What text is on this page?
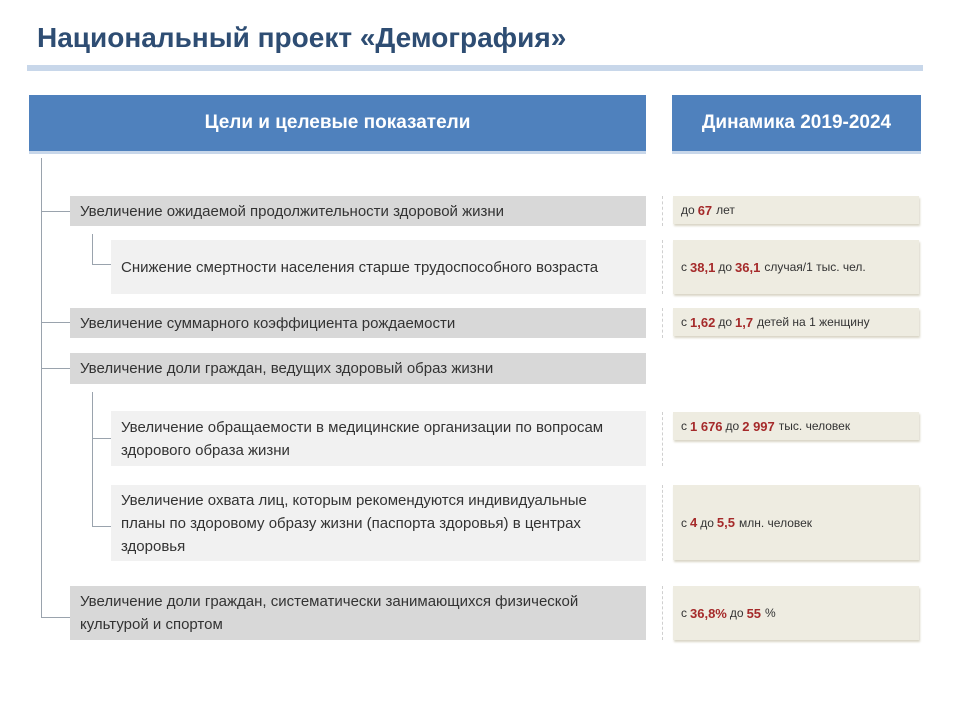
Национальный проект «Демография»
Цели и целевые показатели	Динамика 2019-2024
Увеличение ожидаемой продолжительности здоровой жизни
Снижение смертности населения старше трудоспособного возраста
Увеличение суммарного коэффициента рождаемости
Увеличение доли граждан, ведущих здоровый образ жизни
Увеличение обращаемости в медицинские организации по вопросам здорового образа жизни
Увеличение охвата лиц, которым рекомендуются индивидуальные планы по здоровому образу жизни (паспорта здоровья) в центрах здоровья
Увеличение доли граждан, систематически занимающихся физической культурой и спортом
до 67 лет
с 38,1 до 36,1 случая/1 тыс. чел.
с 1,62 до 1,7 детей на 1 женщину
с 1 676 до 2 997 тыс. человек
с 4 до 5,5 млн. человек
с 36,8% до 55 %
